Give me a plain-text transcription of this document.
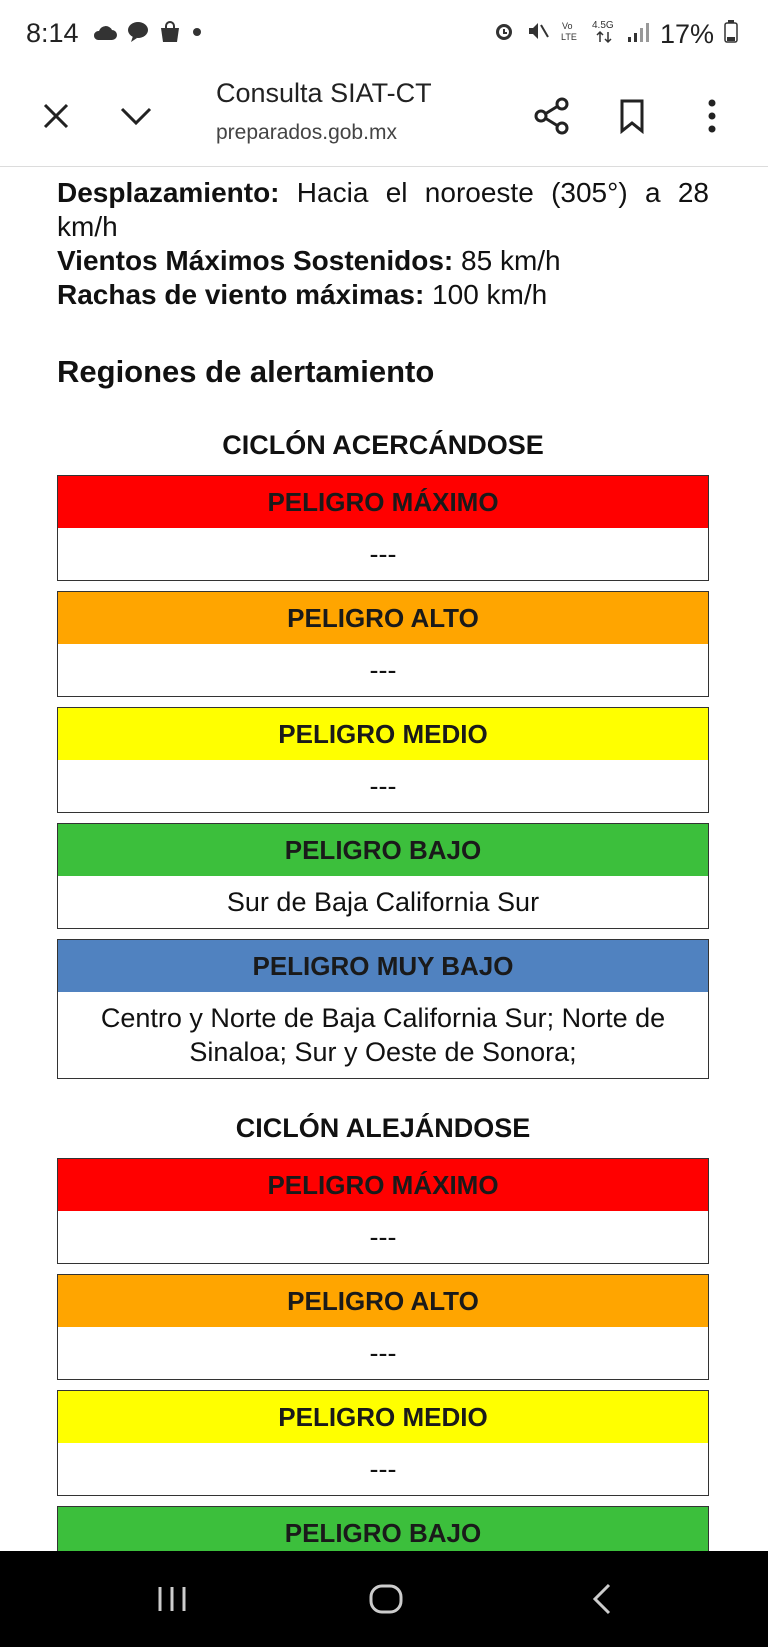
8:14	Vo
LTE
4.5G 17%
Consulta SIAT-CT
preparados.gob.mx

Desplazamiento: Hacia el noroeste (305°) a 28 km/h

Vientos Máximos Sostenidos: 85 km/h

Rachas de viento máximas: 100 km/h

Regiones de alertamiento
CICLÓN ACERCÁNDOSE
PELIGRO MÁXIMO
---
PELIGRO ALTO
---
PELIGRO MEDIO
---
PELIGRO BAJO
Sur de Baja California Sur
PELIGRO MUY BAJO
Centro y Norte de Baja California Sur; Norte de Sinaloa; Sur y Oeste de Sonora;
CICLÓN ALEJÁNDOSE
PELIGRO MÁXIMO
---
PELIGRO ALTO
---
PELIGRO MEDIO
---
PELIGRO BAJO
